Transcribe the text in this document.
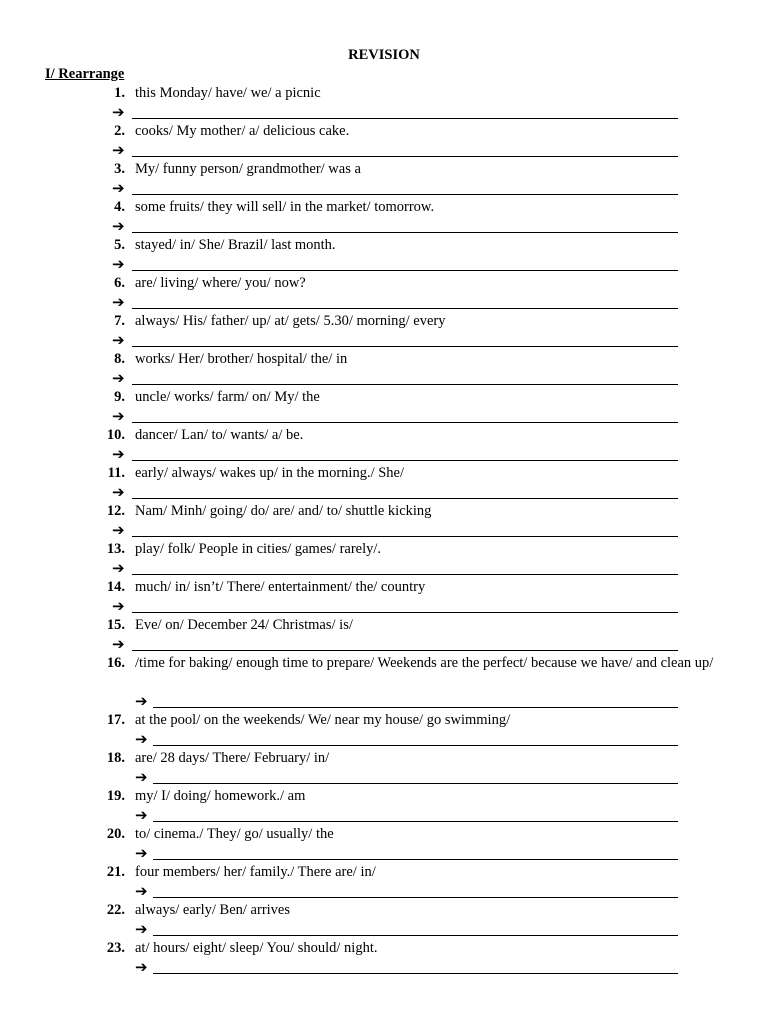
REVISION
I/ Rearrange
1. this Monday/ have/ we/ a picnic
➔
2. cooks/ My mother/ a/ delicious cake.
➔
3. My/ funny person/ grandmother/ was a
➔
4. some fruits/ they will sell/ in the market/ tomorrow.
➔
5. stayed/ in/ She/ Brazil/ last month.
➔
6. are/ living/ where/ you/ now?
➔
7. always/ His/ father/ up/ at/ gets/ 5.30/ morning/ every
➔
8. works/ Her/ brother/ hospital/ the/ in
➔
9. uncle/ works/ farm/ on/ My/ the
➔
10. dancer/ Lan/ to/ wants/ a/ be.
➔
11. early/ always/ wakes up/ in the morning./ She/
➔
12. Nam/ Minh/ going/ do/ are/ and/ to/ shuttle kicking
➔
13. play/ folk/ People in cities/ games/ rarely/.
➔
14. much/ in/ isn’t/ There/ entertainment/ the/ country
➔
15. Eve/ on/ December 24/ Christmas/ is/
➔
16. /time for baking/ enough time to prepare/ Weekends are the perfect/ because we have/ and clean up/
➔
17. at the pool/ on the weekends/ We/ near my house/ go swimming/
➔
18. are/ 28 days/ There/ February/ in/
➔
19. my/ I/ doing/ homework./ am
➔
20. to/ cinema./ They/ go/ usually/ the
➔
21. four members/ her/ family./ There are/ in/
➔
22. always/ early/ Ben/ arrives
➔
23. at/ hours/ eight/ sleep/ You/ should/ night.
➔
